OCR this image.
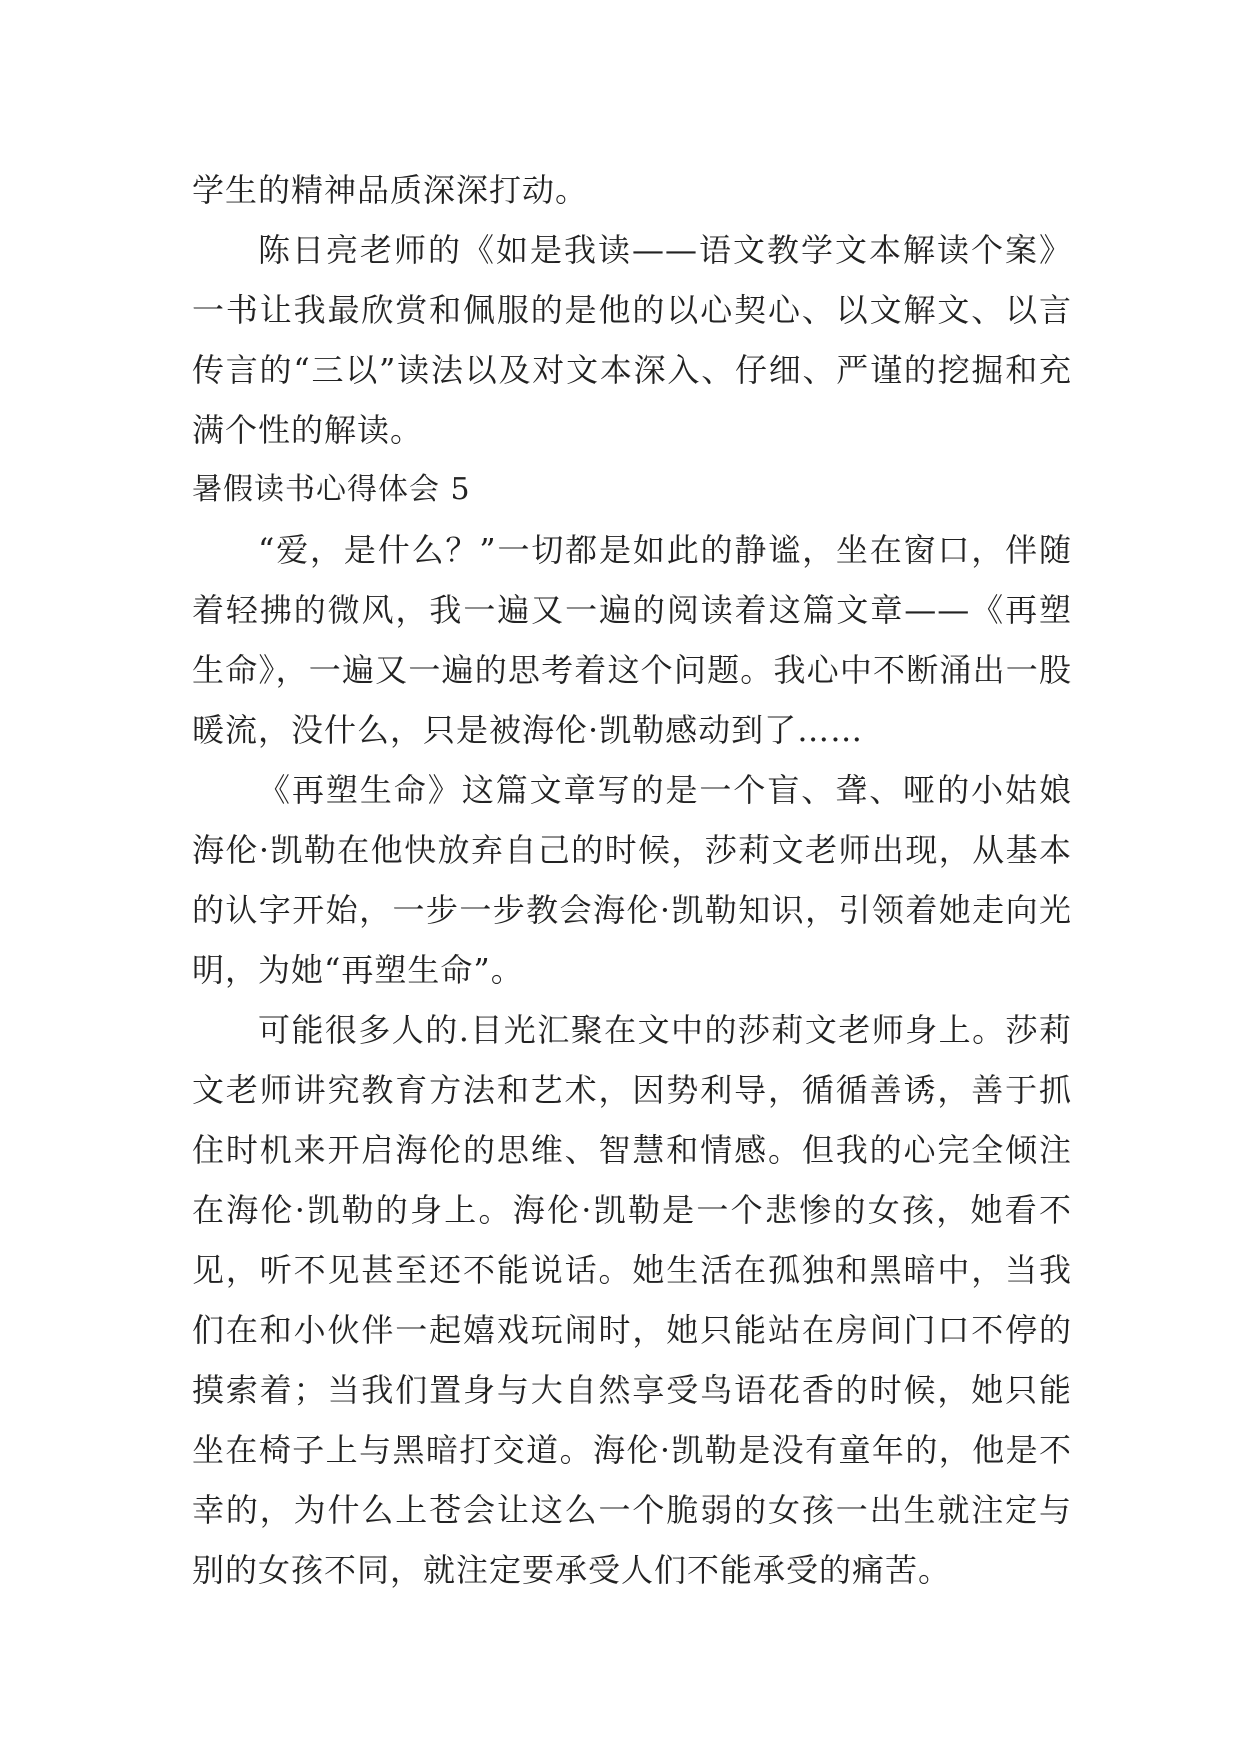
学生的精神品质深深打动。

陈日亮老师的《如是我读——语文教学文本解读个案》一书让我最欣赏和佩服的是他的以心契心、以文解文、以言传言的“三以”读法以及对文本深入、仔细、严谨的挖掘和充满个性的解读。

暑假读书心得体会 5

“爱，是什么？”一切都是如此的静谧，坐在窗口，伴随着轻拂的微风，我一遍又一遍的阅读着这篇文章——《再塑生命》，一遍又一遍的思考着这个问题。我心中不断涌出一股暖流，没什么，只是被海伦·凯勒感动到了……

《再塑生命》这篇文章写的是一个盲、聋、哑的小姑娘海伦·凯勒在他快放弃自己的时候，莎莉文老师出现，从基本的认字开始，一步一步教会海伦·凯勒知识，引领着她走向光明，为她“再塑生命”。

可能很多人的.目光汇聚在文中的莎莉文老师身上。莎莉文老师讲究教育方法和艺术，因势利导，循循善诱，善于抓住时机来开启海伦的思维、智慧和情感。但我的心完全倾注在海伦·凯勒的身上。海伦·凯勒是一个悲惨的女孩，她看不见，听不见甚至还不能说话。她生活在孤独和黑暗中，当我们在和小伙伴一起嬉戏玩闹时，她只能站在房间门口不停的摸索着；当我们置身与大自然享受鸟语花香的时候，她只能坐在椅子上与黑暗打交道。海伦·凯勒是没有童年的，他是不幸的，为什么上苍会让这么一个脆弱的女孩一出生就注定与别的女孩不同，就注定要承受人们不能承受的痛苦。
